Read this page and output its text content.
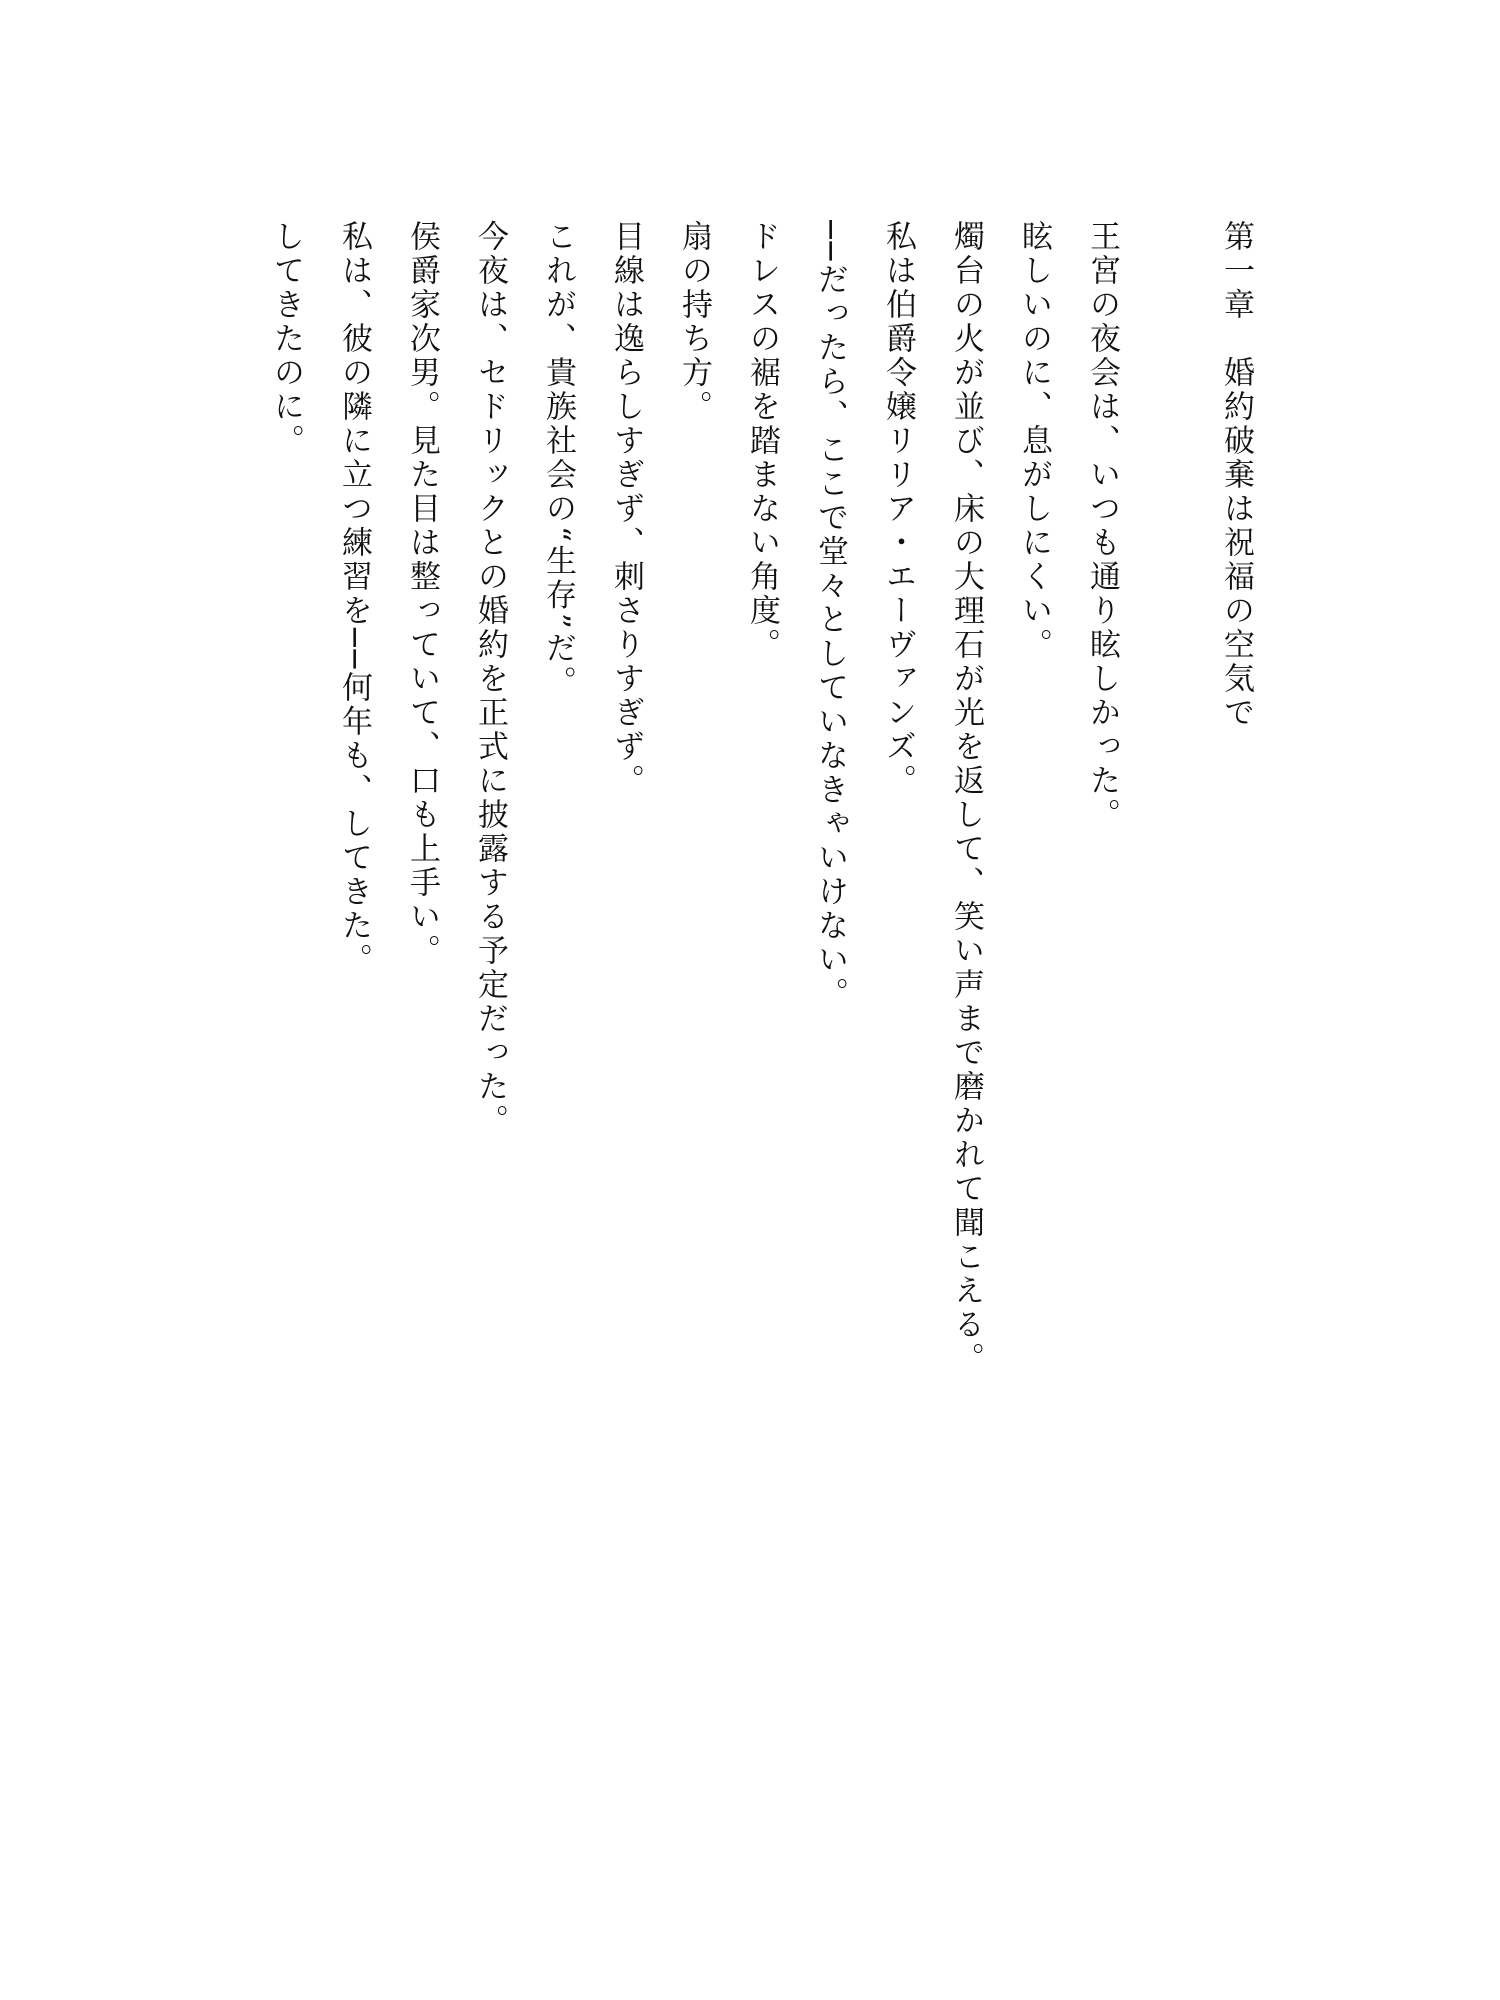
第一章　婚約破棄は祝福の空気で

王宮の夜会は、いつも通り眩しかった。

眩しいのに、息がしにくい。

燭台の火が並び、床の大理石が光を返して、笑い声まで磨かれて聞こえる。

私は伯爵令嬢リリア・エーヴァンズ。

──だったら、ここで堂々としていなきゃいけない。

ドレスの裾を踏まない角度。

扇の持ち方。

目線は逸らしすぎず、刺さりすぎず。

これが、貴族社会の“生存”だ。

今夜は、セドリックとの婚約を正式に披露する予定だった。

侯爵家次男。見た目は整っていて、口も上手い。

私は、彼の隣に立つ練習を──何年も、してきた。

してきたのに。
